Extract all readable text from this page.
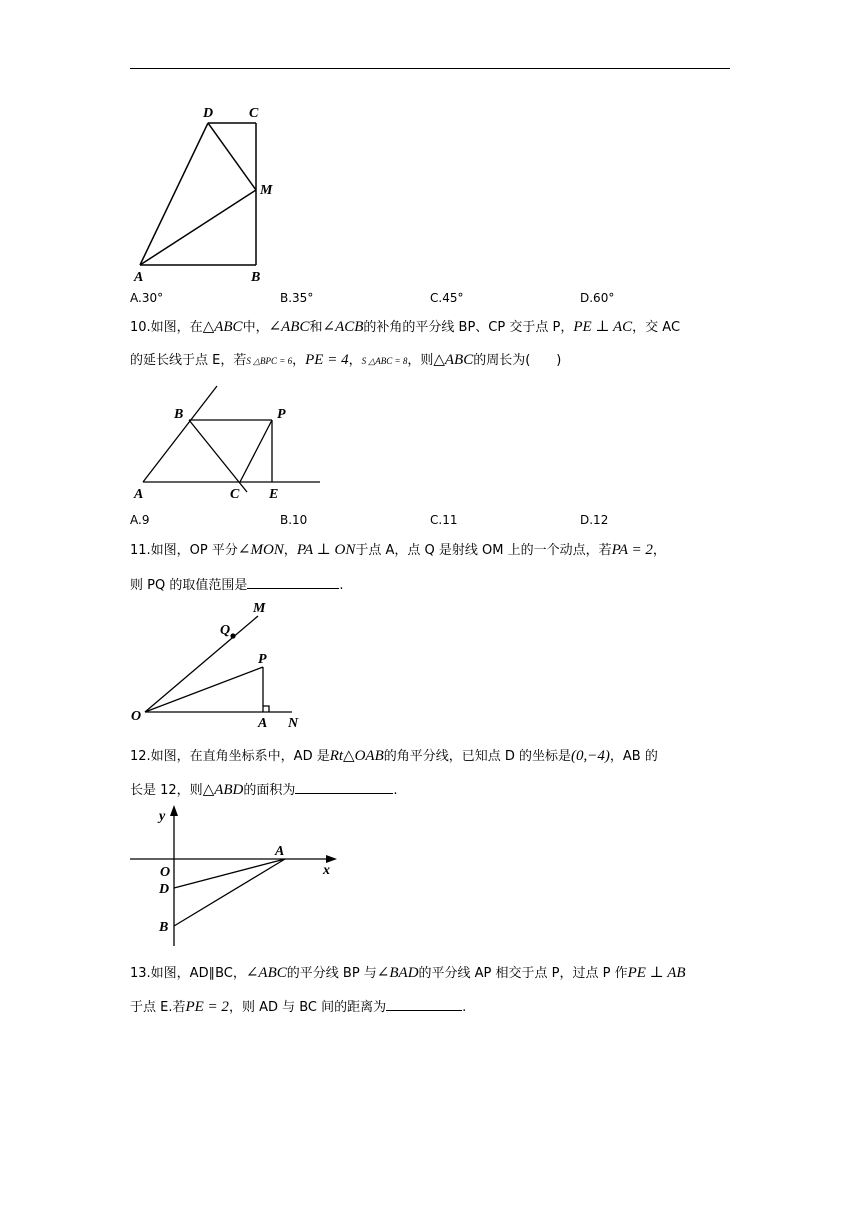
D	C
M
A	B
A.30°	B.35°	C.45°	D.60°
10.如图，在△ABC中，∠ABC和∠ACB的补角的平分线 BP、CP 交于点 P，PE ⊥ AC，交 AC
的延长线于点 E，若S △BPC = 6，PE = 4，S △ABC = 8，则△ABC的周长为(　　)
B	P
A	C E
A.9	B.10	C.11	D.12
11.如图，OP 平分∠MON，PA ⊥ ON于点 A，点 Q 是射线 OM 上的一个动点，若PA = 2，
则 PQ 的取值范围是	.
M
Q
P
O	A N
12.如图，在直角坐标系中，AD 是Rt△OAB的角平分线，已知点 D 的坐标是(0,−4)，AB 的
长是 12，则△ABD的面积为	.
y
A
O	x
D
B
13.如图，AD∥BC，∠ABC的平分线 BP 与∠BAD的平分线 AP 相交于点 P，过点 P 作PE ⊥ AB
于点 E.若PE = 2，则 AD 与 BC 间的距离为	.
